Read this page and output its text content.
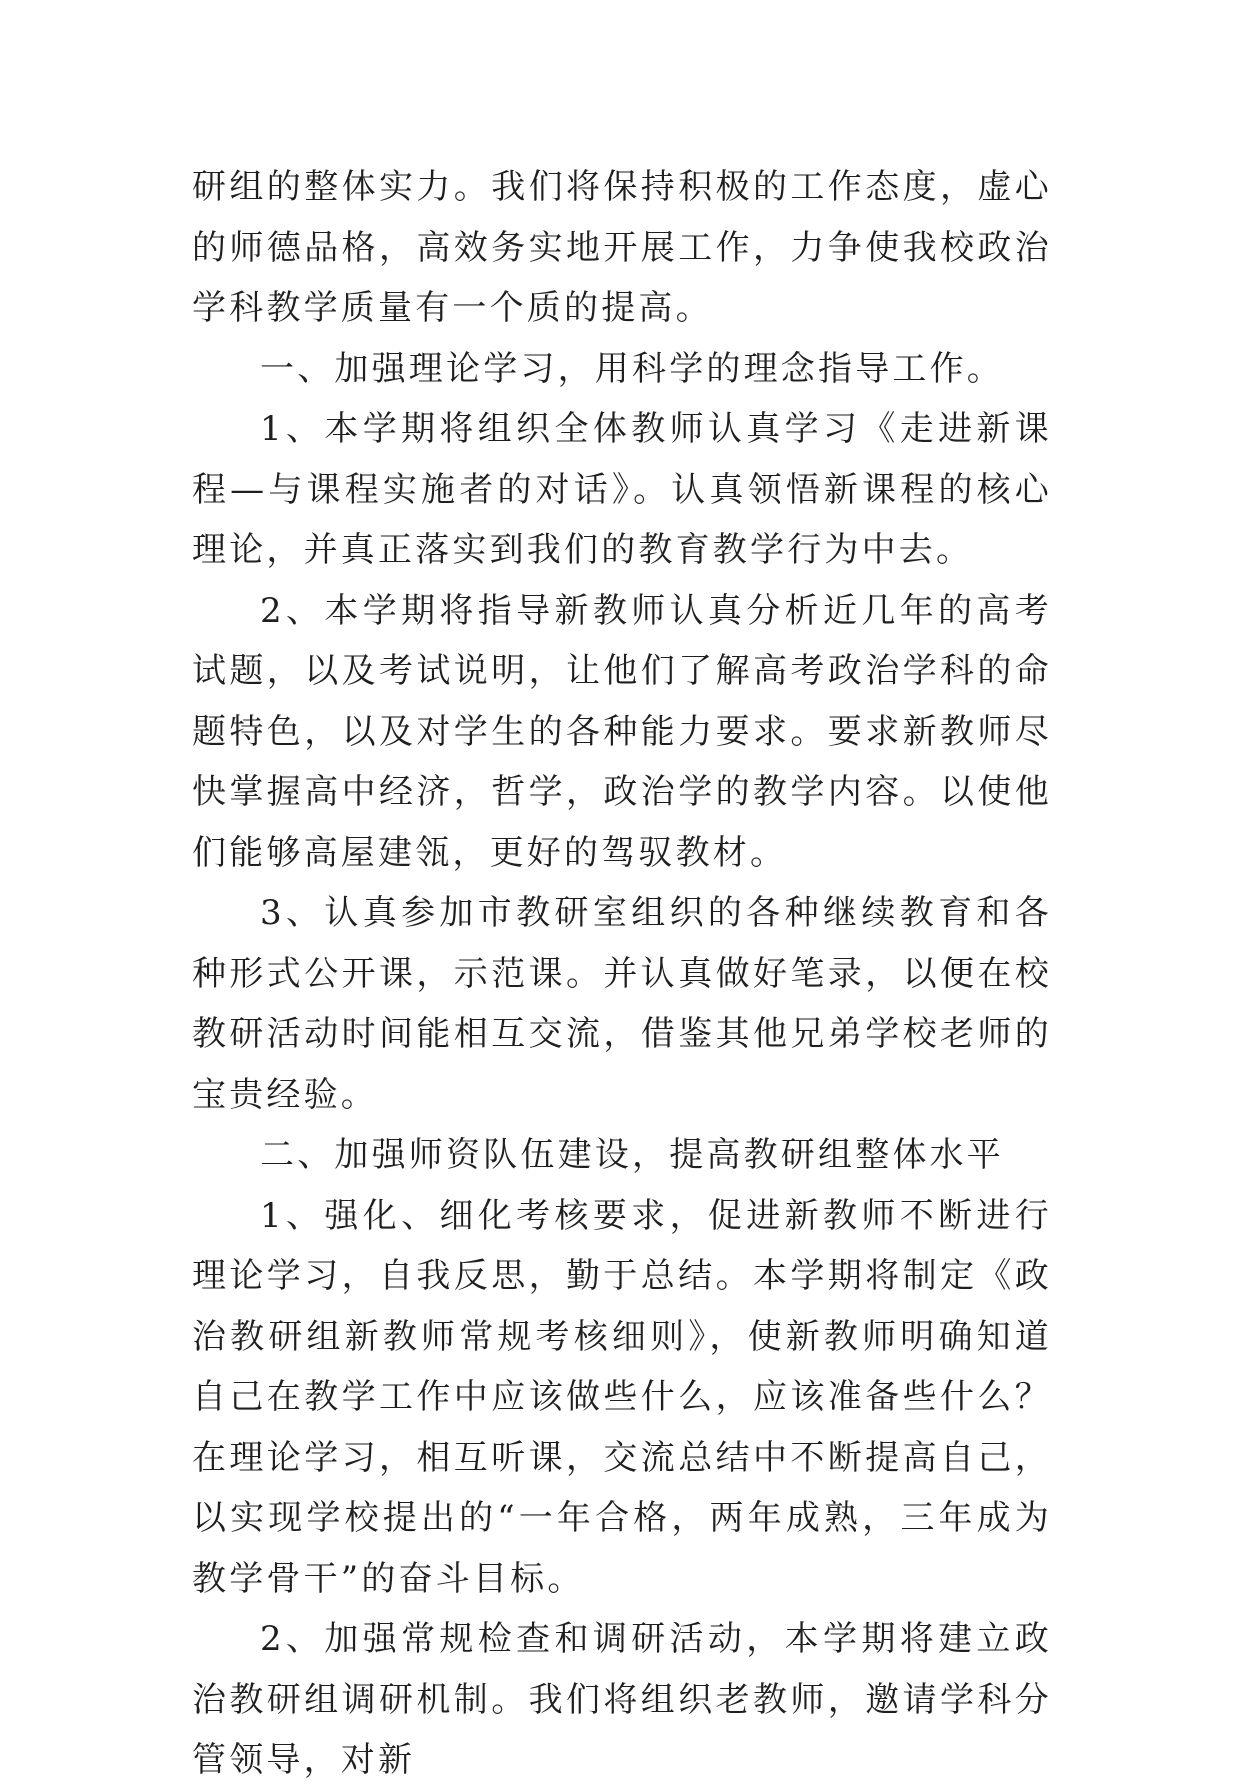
研组的整体实力。我们将保持积极的工作态度，虚心的师德品格，高效务实地开展工作，力争使我校政治学科教学质量有一个质的提高。

一、加强理论学习，用科学的理念指导工作。

1、本学期将组织全体教师认真学习《走进新课程—与课程实施者的对话》。认真领悟新课程的核心理论，并真正落实到我们的教育教学行为中去。

2、本学期将指导新教师认真分析近几年的高考试题，以及考试说明，让他们了解高考政治学科的命题特色，以及对学生的各种能力要求。要求新教师尽快掌握高中经济，哲学，政治学的教学内容。以使他们能够高屋建瓴，更好的驾驭教材。

3、认真参加市教研室组织的各种继续教育和各种形式公开课，示范课。并认真做好笔录，以便在校教研活动时间能相互交流，借鉴其他兄弟学校老师的宝贵经验。

二、加强师资队伍建设，提高教研组整体水平

1、强化、细化考核要求，促进新教师不断进行理论学习，自我反思，勤于总结。本学期将制定《政治教研组新教师常规考核细则》，使新教师明确知道自己在教学工作中应该做些什么，应该准备些什么？在理论学习，相互听课，交流总结中不断提高自己，以实现学校提出的“一年合格，两年成熟，三年成为教学骨干”的奋斗目标。

2、加强常规检查和调研活动，本学期将建立政治教研组调研机制。我们将组织老教师，邀请学科分管领导，对新
